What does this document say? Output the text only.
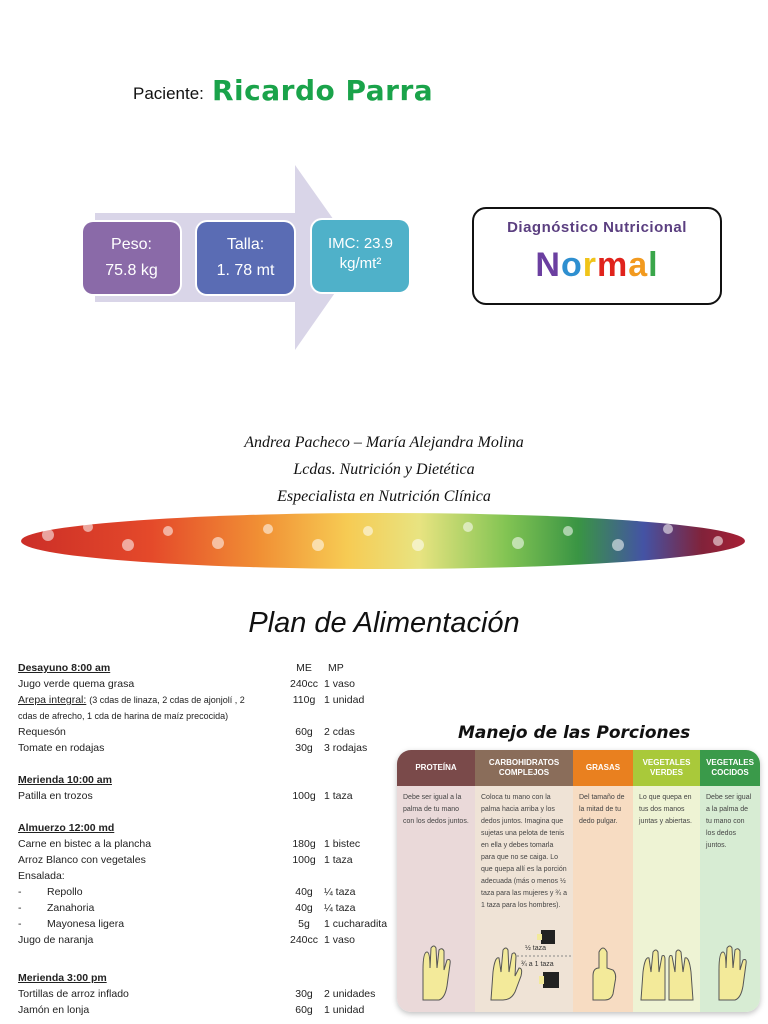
Paciente: Ricardo Parra
Peso:
75.8 kg
Talla:
1. 78 mt
IMC: 23.9
kg/mt²
Diagnóstico Nutricional
Normal
Andrea Pacheco – María Alejandra Molina
Lcdas. Nutrición y Dietética
Especialista en Nutrición Clínica
Plan de Alimentación
Desayuno 8:00 am	ME	MP
Jugo verde quema grasa	240cc 1 vaso
Arepa integral: (3 cdas de linaza, 2 cdas de ajonjolí , 2	110g 1 unidad
cdas de afrecho, 1 cda de harina de maíz precocida)
Requesón	60g	2 cdas
Tomate en rodajas	30g	3 rodajas
Merienda 10:00 am
Patilla en trozos	100g 1 taza
Almuerzo 12:00 md
Carne en bistec a la plancha	180g 1 bistec
Arroz Blanco con vegetales	100g 1 taza
Ensalada:
- Repollo	40g	¼ taza
- Zanahoria	40g	¼ taza
- Mayonesa ligera	5g	1 cucharadita
Jugo de naranja	240cc 1 vaso
Merienda 3:00 pm
Tortillas de arroz inflado	30g	2 unidades
Jamón en lonja	60g	1 unidad
Manejo de las Porciones
PROTEÍNA
Debe ser igual a la palma de tu mano con los dedos juntos.
CARBOHIDRATOS COMPLEJOS
Coloca tu mano con la palma hacia arriba y los dedos juntos. Imagina que sujetas una pelota de tenis en ella y debes tomarla para que no se caiga. Lo que quepa allí es la porción adecuada (más o menos ½ taza para las mujeres y ¾ a 1 taza para los hombres).
GRASAS
Del tamaño de la mitad de tu dedo pulgar.
VEGETALES VERDES
Lo que quepa en tus dos manos juntas y abiertas.
VEGETALES COCIDOS
Debe ser igual a la palma de tu mano con los dedos juntos.
½ taza
¾ a 1 taza
